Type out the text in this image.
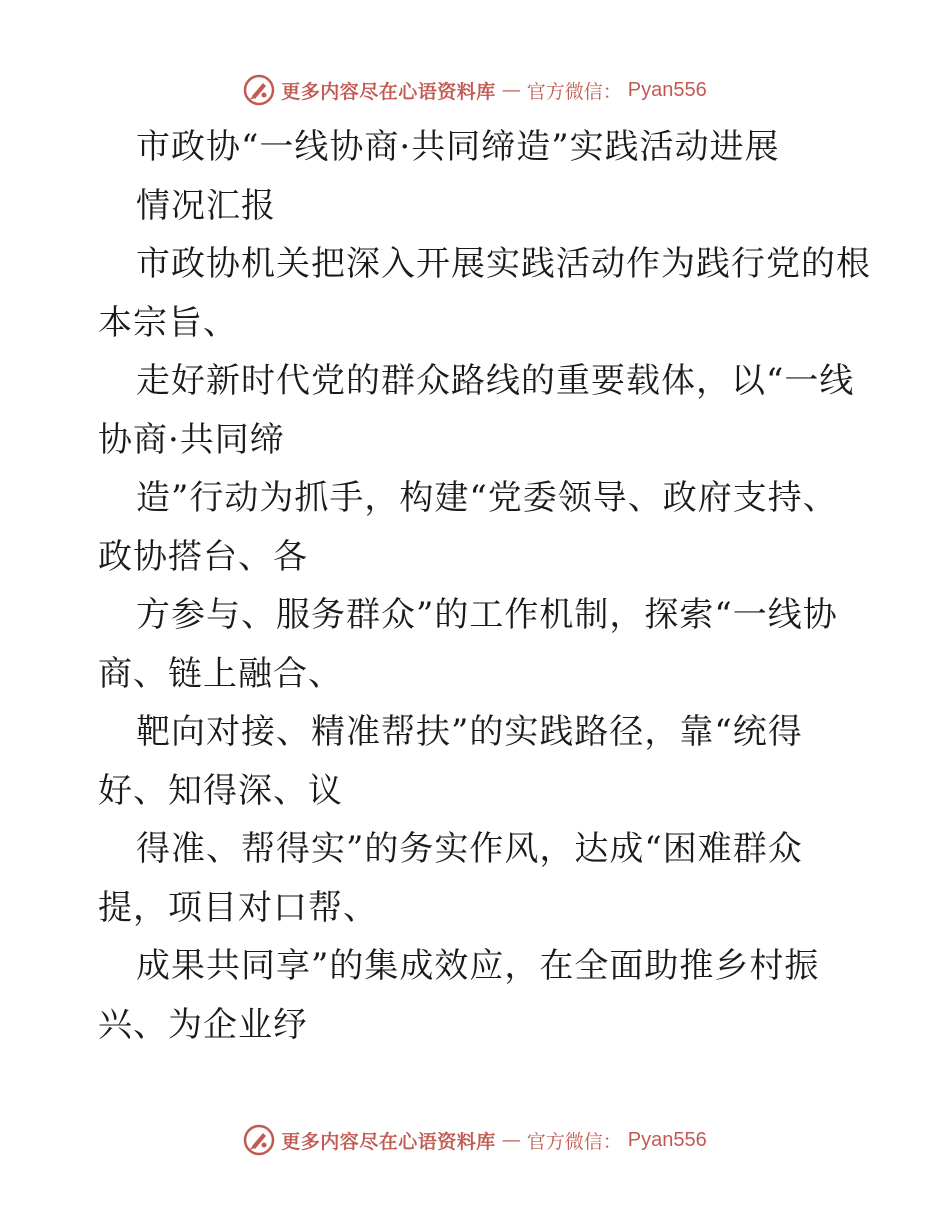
更多内容尽在心语资料库 — 官方微信： Pyan556
市政协“一线协商·共同缔造”实践活动进展
情况汇报
市政协机关把深入开展实践活动作为践行党的根
本宗旨、
走好新时代党的群众路线的重要载体，以“一线
协商·共同缔
造”行动为抓手，构建“党委领导、政府支持、
政协搭台、各
方参与、服务群众”的工作机制，探索“一线协
商、链上融合、
靶向对接、精准帮扶”的实践路径，靠“统得
好、知得深、议
得准、帮得实”的务实作风，达成“困难群众
提，项目对口帮、
成果共同享”的集成效应，在全面助推乡村振
兴、为企业纾
更多内容尽在心语资料库 — 官方微信： Pyan556
